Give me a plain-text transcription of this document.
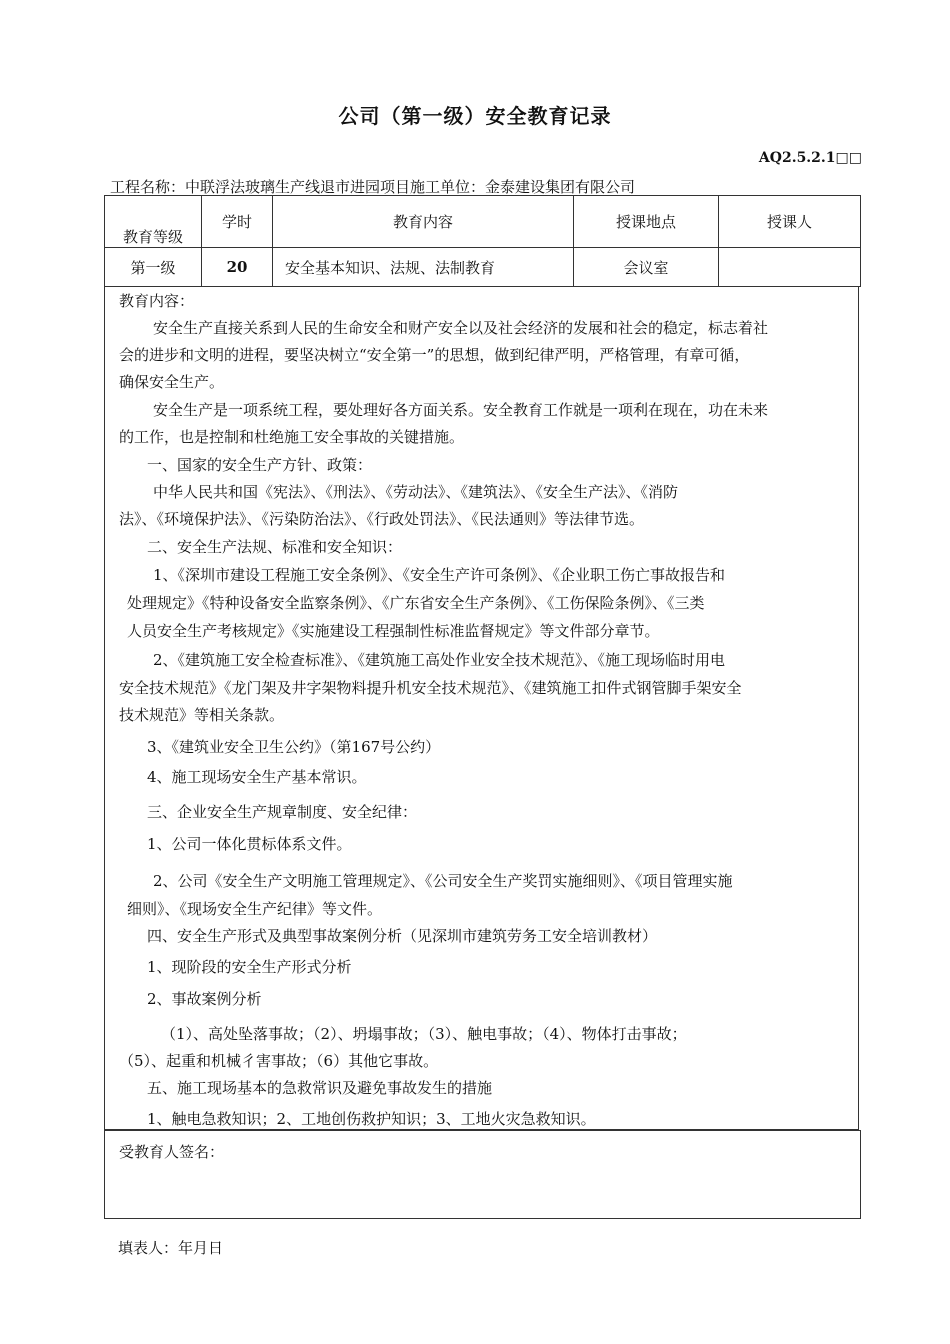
公司（第一级）安全教育记录
AQ2.5.2.1□□
工程名称：中联浮法玻璃生产线退市进园项目施工单位：金泰建设集团有限公司
教育等级	学时	教育内容	授课地点	授课人
第一级	20	安全基本知识、法规、法制教育	会议室	
教育内容：
安全生产直接关系到人民的生命安全和财产安全以及社会经济的发展和社会的稳定，标志着社
会的进步和文明的进程，要坚决树立“安全第一”的思想，做到纪律严明，严格管理，有章可循，
确保安全生产。
安全生产是一项系统工程，要处理好各方面关系。安全教育工作就是一项利在现在，功在未来
的工作，也是控制和杜绝施工安全事故的关键措施。
一、国家的安全生产方针、政策：
中华人民共和国《宪法》、《刑法》、《劳动法》、《建筑法》、《安全生产法》、《消防
法》、《环境保护法》、《污染防治法》、《行政处罚法》、《民法通则》等法律节选。
二、安全生产法规、标准和安全知识：
1、《深圳市建设工程施工安全条例》、《安全生产许可条例》、《企业职工伤亡事故报告和
处理规定》《特种设备安全监察条例》、《广东省安全生产条例》、《工伤保险条例》、《三类
人员安全生产考核规定》《实施建设工程强制性标准监督规定》等文件部分章节。
2、《建筑施工安全检查标准》、《建筑施工高处作业安全技术规范》、《施工现场临时用电
安全技术规范》《龙门架及井字架物料提升机安全技术规范》、《建筑施工扣件式钢管脚手架安全
技术规范》等相关条款。
3、《建筑业安全卫生公约》（第167号公约）
4、施工现场安全生产基本常识。
三、企业安全生产规章制度、安全纪律：
1、公司一体化贯标体系文件。
2、公司《安全生产文明施工管理规定》、《公司安全生产奖罚实施细则》、《项目管理实施
细则》、《现场安全生产纪律》等文件。
四、安全生产形式及典型事故案例分析（见深圳市建筑劳务工安全培训教材）
1、现阶段的安全生产形式分析
2、事故案例分析
（1）、高处坠落事故；（2）、坍塌事故；（3）、触电事故；（4）、物体打击事故；
（5）、起重和机械彳害事故；（6）其他它事故。
五、施工现场基本的急救常识及避免事故发生的措施
1、触电急救知识；2、工地创伤救护知识；3、工地火灾急救知识。
受教育人签名：
填表人：年月日
